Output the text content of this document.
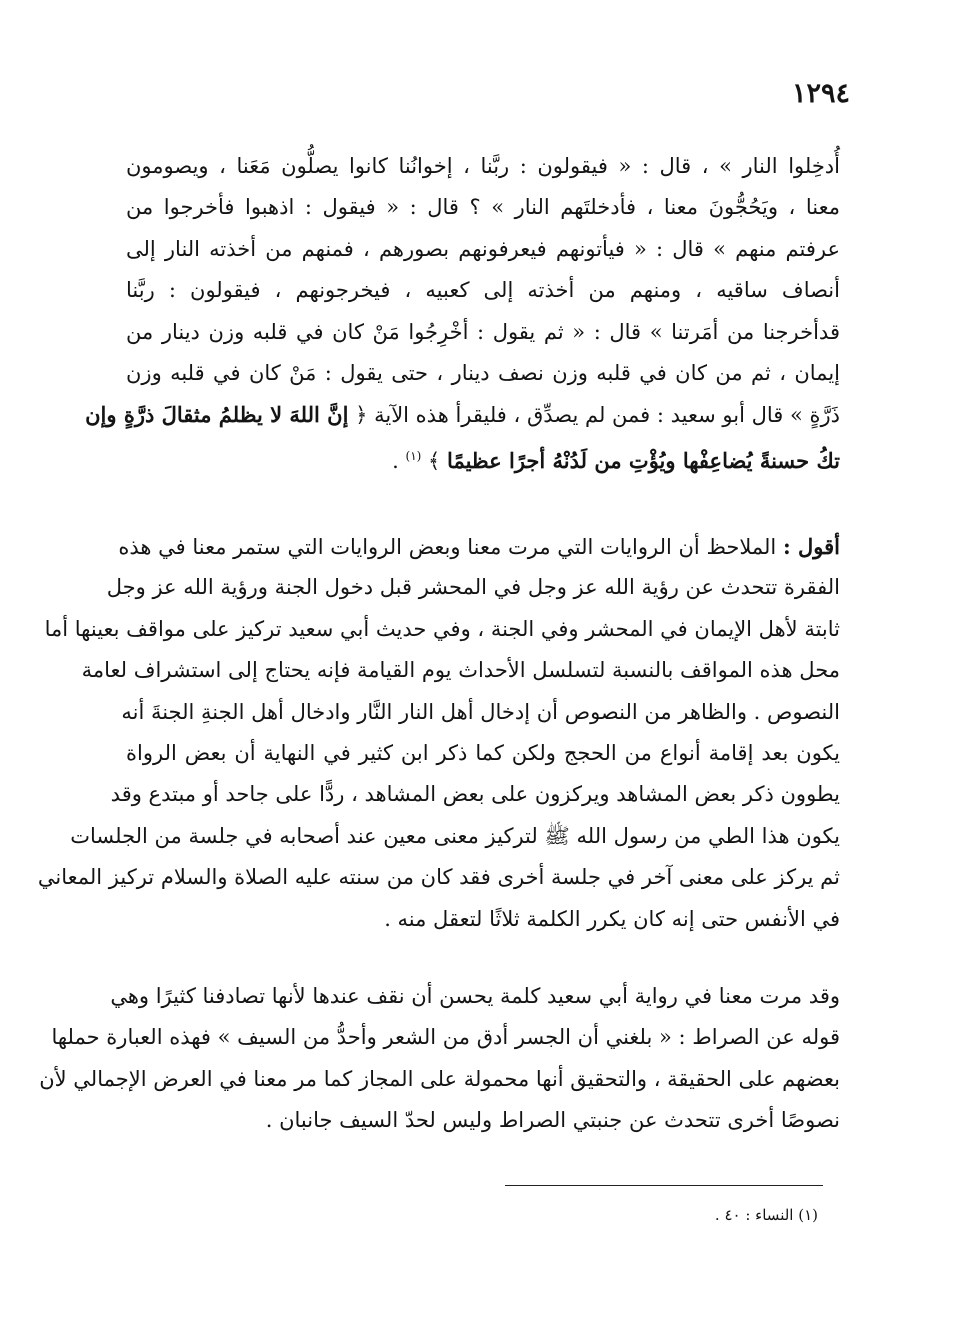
١٢٩٤
أُدخِلوا النار » ، قال : « فيقولون : ربَّنا ، إخوانُنا كانوا يصلُّون مَعَنا ، ويصومون
معنا ، ويَحُجُّونَ معنا ، فأدخلتَهم النار » ؟ قال : « فيقول : اذهبوا فأخرجوا من
عرفتم منهم » قال : « فيأتونهم فيعرفونهم بصورهم ، فمنهم من أخذته النار إلى
أنصاف ساقيه ، ومنهم من أخذته إلى كعبيه ، فيخرجونهم ، فيقولون : ربَّنا
قدأخرجنا من أمَرتنا » قال : « ثم يقول : أخْرِجُوا مَنْ كان في قلبه وزن دينار من
إيمان ، ثم من كان في قلبه وزن نصف دينار ، حتى يقول : مَنْ كان في قلبه وزن
ذَرَّةٍ » قال أبو سعيد : فمن لم يصدِّق ، فليقرأ هذه الآية ﴿ إنَّ اللهَ لا يظلمُ مثقالَ ذرَّةٍ وإن
تكُ حسنةً يُضاعِفْها ويُؤْتِ من لَدُنْهُ أجرًا عظيمًا ﴾ $^{(١)}$ .
أقول : الملاحظ أن الروايات التي مرت معنا وبعض الروايات التي ستمر معنا في هذه
الفقرة تتحدث عن رؤية الله عز وجل في المحشر قبل دخول الجنة ورؤية الله عز وجل
ثابتة لأهل الإيمان في المحشر وفي الجنة ، وفي حديث أبي سعيد تركيز على مواقف بعينها أما
محل هذه المواقف بالنسبة لتسلسل الأحداث يوم القيامة فإنه يحتاج إلى استشراف لعامة
النصوص . والظاهر من النصوص أن إدخال أهل النار النَّار وادخال أهل الجنةِ الجنةَ أنه
يكون بعد إقامة أنواع من الحجج ولكن كما ذكر ابن كثير في النهاية أن بعض الرواة
يطوون ذكر بعض المشاهد ويركزون على بعض المشاهد ، ردًّا على جاحد أو مبتدع وقد
يكون هذا الطي من رسول الله ﷺ لتركيز معنى معين عند أصحابه في جلسة من الجلسات
ثم يركز على معنى آخر في جلسة أخرى فقد كان من سنته عليه الصلاة والسلام تركيز المعاني
في الأنفس حتى إنه كان يكرر الكلمة ثلاثًا لتعقل منه .
وقد مرت معنا في رواية أبي سعيد كلمة يحسن أن نقف عندها لأنها تصادفنا كثيرًا وهي
قوله عن الصراط : « بلغني أن الجسر أدق من الشعر وأحدُّ من السيف » فهذه العبارة حملها
بعضهم على الحقيقة ، والتحقيق أنها محمولة على المجاز كما مر معنا في العرض الإجمالي لأن
نصوصًا أخرى تتحدث عن جنبتي الصراط وليس لحدّ السيف جانبان .
(١) النساء : ٤٠ .
